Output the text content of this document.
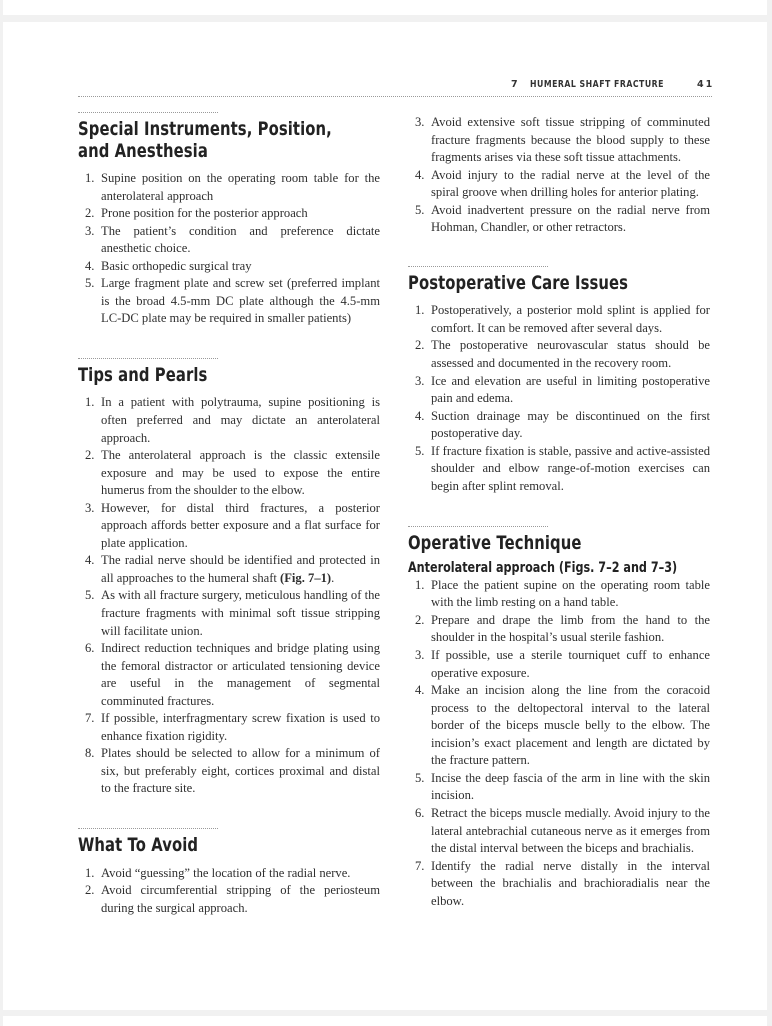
7 HUMERAL SHAFT FRACTURE	41
Special Instruments, Position,
and Anesthesia
1. Supine position on the operating room table for the anterolateral approach
2. Prone position for the posterior approach
3. The patient’s condition and preference dictate anesthetic choice.
4. Basic orthopedic surgical tray
5. Large fragment plate and screw set (preferred implant is the broad 4.5-mm DC plate although the 4.5-mm LC-DC plate may be required in smaller patients)
Tips and Pearls
1. In a patient with polytrauma, supine positioning is often preferred and may dictate an anterolateral approach.
2. The anterolateral approach is the classic extensile exposure and may be used to expose the entire humerus from the shoulder to the elbow.
3. However, for distal third fractures, a posterior approach affords better exposure and a flat surface for plate application.
4. The radial nerve should be identified and protected in all approaches to the humeral shaft (Fig. 7–1).
5. As with all fracture surgery, meticulous handling of the fracture fragments with minimal soft tissue stripping will facilitate union.
6. Indirect reduction techniques and bridge plating using the femoral distractor or articulated tensioning device are useful in the management of segmental comminuted fractures.
7. If possible, interfragmentary screw fixation is used to enhance fixation rigidity.
8. Plates should be selected to allow for a minimum of six, but preferably eight, cortices proximal and distal to the fracture site.
What To Avoid
1. Avoid “guessing” the location of the radial nerve.
2. Avoid circumferential stripping of the periosteum during the surgical approach.
3. Avoid extensive soft tissue stripping of comminuted fracture fragments because the blood supply to these fragments arises via these soft tissue attachments.
4. Avoid injury to the radial nerve at the level of the spiral groove when drilling holes for anterior plating.
5. Avoid inadvertent pressure on the radial nerve from Hohman, Chandler, or other retractors.
Postoperative Care Issues
1. Postoperatively, a posterior mold splint is applied for comfort. It can be removed after several days.
2. The postoperative neurovascular status should be assessed and documented in the recovery room.
3. Ice and elevation are useful in limiting postoperative pain and edema.
4. Suction drainage may be discontinued on the first postoperative day.
5. If fracture fixation is stable, passive and active-assisted shoulder and elbow range-of-motion exercises can begin after splint removal.
Operative Technique
Anterolateral approach (Figs. 7–2 and 7–3)
1. Place the patient supine on the operating room table with the limb resting on a hand table.
2. Prepare and drape the limb from the hand to the shoulder in the hospital’s usual sterile fashion.
3. If possible, use a sterile tourniquet cuff to enhance operative exposure.
4. Make an incision along the line from the coracoid process to the deltopectoral interval to the lateral border of the biceps muscle belly to the elbow. The incision’s exact placement and length are dictated by the fracture pattern.
5. Incise the deep fascia of the arm in line with the skin incision.
6. Retract the biceps muscle medially. Avoid injury to the lateral antebrachial cutaneous nerve as it emerges from the distal interval between the biceps and brachialis.
7. Identify the radial nerve distally in the interval between the brachialis and brachioradialis near the elbow.
